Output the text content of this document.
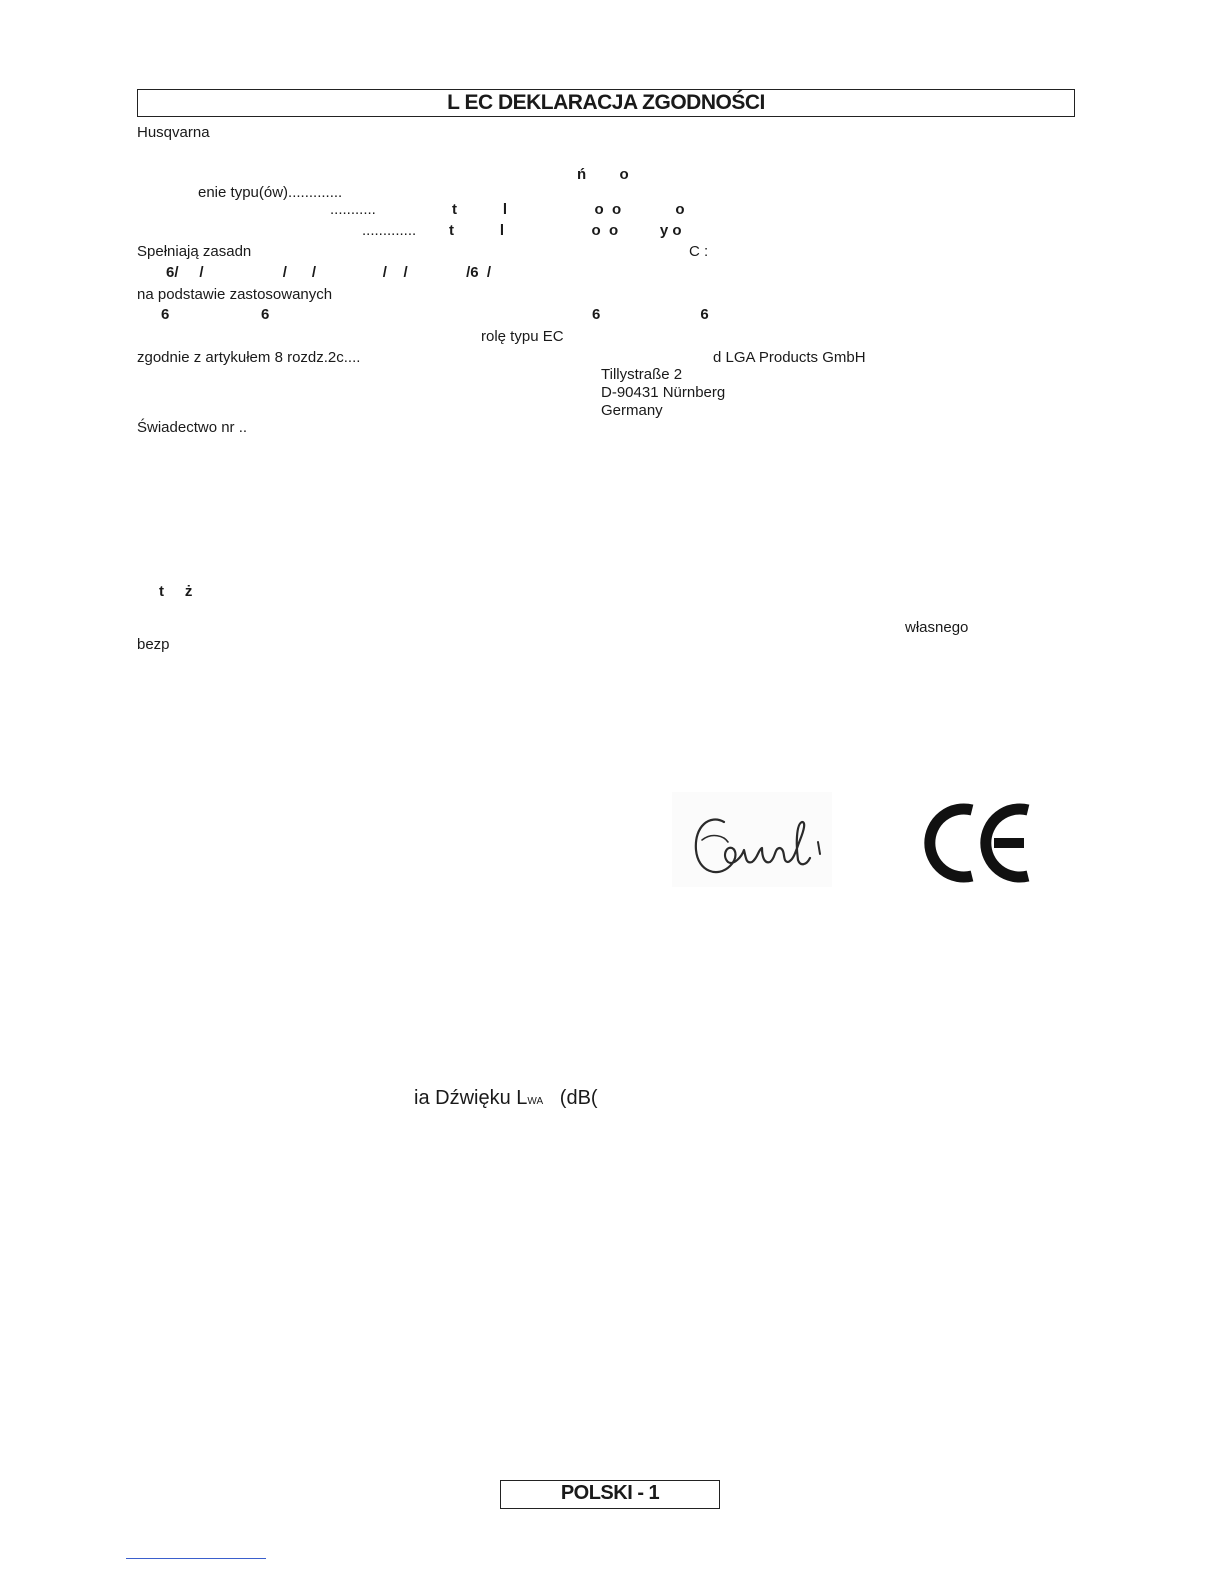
L EC DEKLARACJA ZGODNOŚCI
Husqvarna
ń        o
enie typu(ów).............
...........	t           l                     o  o             o
............. t           l                     o  o          y o
Spełniają zasadn	C :
6/     /                   /      /                /    /              /6  /
na podstawie zastosowanych
6                      6	6                        6
rolę typu EC
zgodnie z artykułem 8 rozdz.2c....	d LGA Products GmbH
Tillystraße 2
D-90431 Nürnberg
Germany
Świadectwo nr ..
t     ż
własnego
bezp
ia Dźwięku LWA   (dB(
POLSKI - 1
